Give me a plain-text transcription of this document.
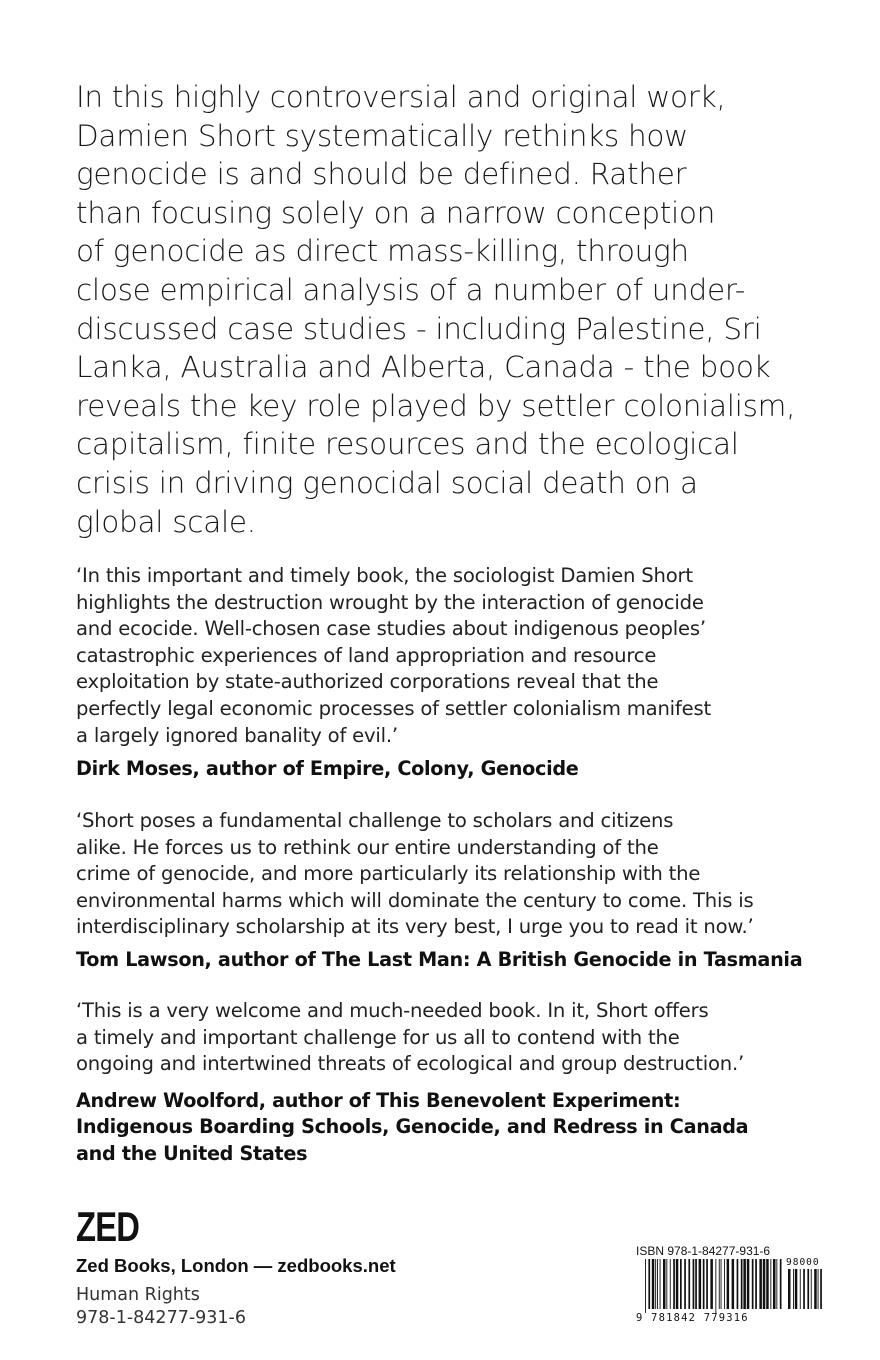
In this highly controversial and original work,
Damien Short systematically rethinks how
genocide is and should be defined. Rather
than focusing solely on a narrow conception
of genocide as direct mass-killing, through
close empirical analysis of a number of under-
discussed case studies - including Palestine, Sri
Lanka, Australia and Alberta, Canada - the book
reveals the key role played by settler colonialism,
capitalism, finite resources and the ecological
crisis in driving genocidal social death on a
global scale.
‘In this important and timely book, the sociologist Damien Short
highlights the destruction wrought by the interaction of genocide
and ecocide. Well-chosen case studies about indigenous peoples’
catastrophic experiences of land appropriation and resource
exploitation by state-authorized corporations reveal that the
perfectly legal economic processes of settler colonialism manifest
a largely ignored banality of evil.’
Dirk Moses, author of Empire, Colony, Genocide
‘Short poses a fundamental challenge to scholars and citizens
alike. He forces us to rethink our entire understanding of the
crime of genocide, and more particularly its relationship with the
environmental harms which will dominate the century to come. This is
interdisciplinary scholarship at its very best, I urge you to read it now.’
Tom Lawson, author of The Last Man: A British Genocide in Tasmania
‘This is a very welcome and much-needed book. In it, Short offers
a timely and important challenge for us all to contend with the
ongoing and intertwined threats of ecological and group destruction.’
Andrew Woolford, author of This Benevolent Experiment:
Indigenous Boarding Schools, Genocide, and Redress in Canada
and the United States
ZED
Zed Books, London — zedbooks.net
Human Rights
978-1-84277-931-6
ISBN 978-1-84277-931-6
98000
9 781842 779316
